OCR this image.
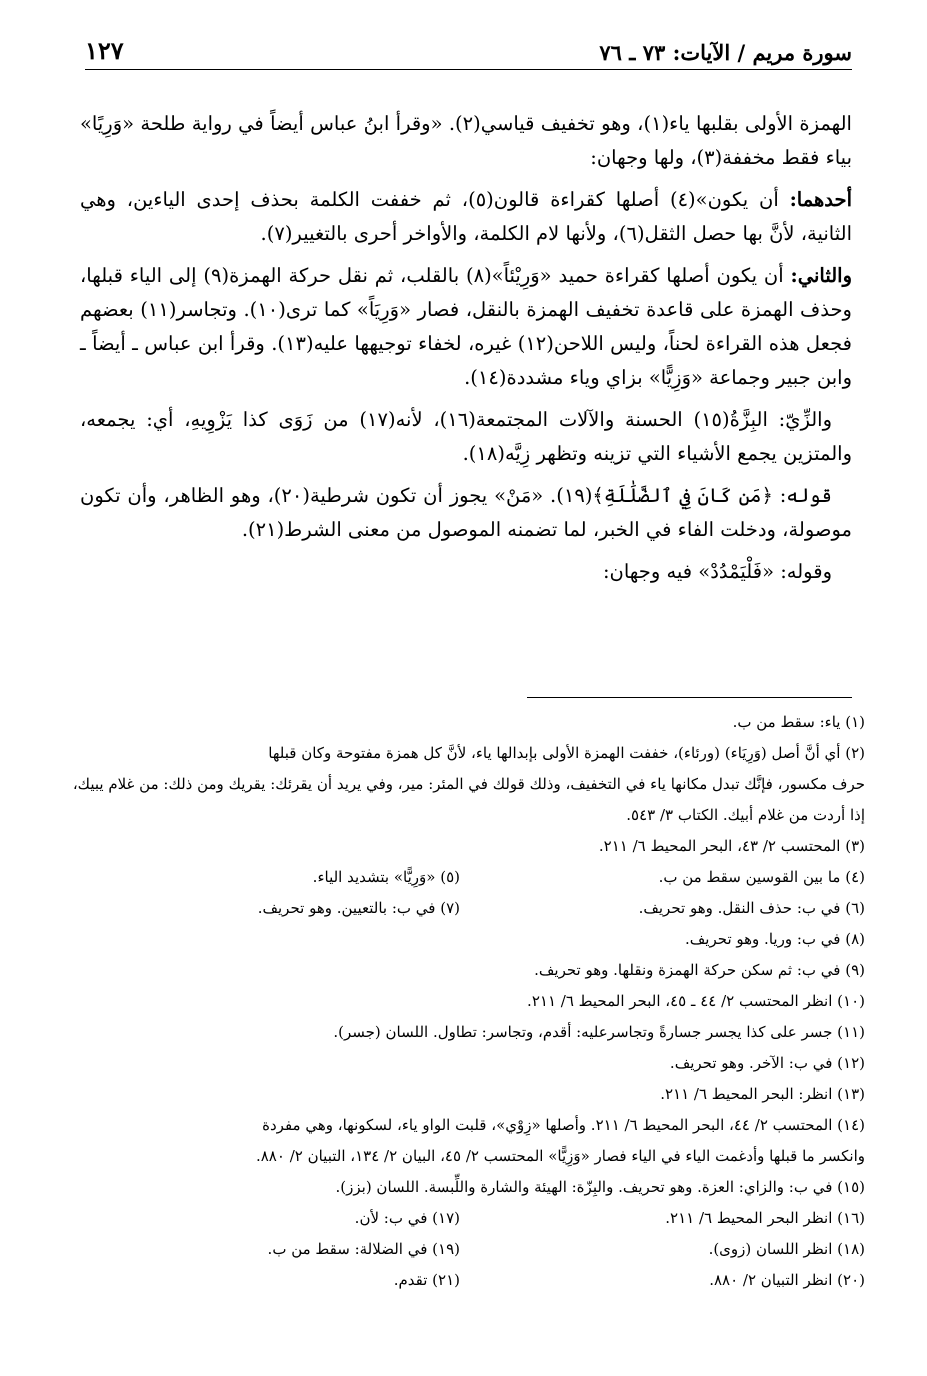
سورة مريم / الآيات: ٧٣ ـ ٧٦
١٢٧

الهمزة الأولى بقلبها ياء(١)، وهو تخفيف قياسي(٢). «وقرأ ابنُ عباس أيضاً في رواية طلحة «وَرِيًا» بياء فقط مخففة(٣)، ولها وجهان:

أحدهما: أن يكون»(٤) أصلها كقراءة قالون(٥)، ثم خففت الكلمة بحذف إحدى الياءين، وهي الثانية، لأنَّ بها حصل الثقل(٦)، ولأنها لام الكلمة، والأواخر أحرى بالتغيير(٧).

والثاني: أن يكون أصلها كقراءة حميد «وَرِيْئاً»(٨) بالقلب، ثم نقل حركة الهمزة(٩) إلى الياء قبلها، وحذف الهمزة على قاعدة تخفيف الهمزة بالنقل، فصار «وَرِيَاً» كما ترى(١٠). وتجاسر(١١) بعضهم فجعل هذه القراءة لحناً، وليس اللاحن(١٢) غيره، لخفاء توجيهها عليه(١٣). وقرأ ابن عباس ـ أيضاً ـ وابن جبير وجماعة «وَزِيًّا» بزاي وياء مشددة(١٤).

والزِّيّ: البِزَّةُ(١٥) الحسنة والآلات المجتمعة(١٦)، لأنه(١٧) من زَوَى كذا يَزْوِيهِ، أي: يجمعه، والمتزين يجمع الأشياء التي تزينه وتظهر زِيَّه(١٨).

قوله: ﴿مَن كَانَ فِي ٱلضَّلَٰلَةِ﴾(١٩). «مَنْ» يجوز أن تكون شرطية(٢٠)، وهو الظاهر، وأن تكون موصولة، ودخلت الفاء في الخبر، لما تضمنه الموصول من معنى الشرط(٢١).

وقوله: «فَلْيَمْدُدْ» فيه وجهان:

(١) ياء: سقط من ب.

(٢) أي أنَّ أصل (وَرِيَاء) (ورئاء)، خففت الهمزة الأولى بإبدالها ياء، لأنَّ كل همزة مفتوحة وكان قبلها

حرف مكسور، فإنَّك تبدل مكانها ياء في التخفيف، وذلك قولك في المئر: مير، وفي يريد أن يقرئك: يقريك ومن ذلك: من غلام يبيك، إذا أردت من غلام أبيك. الكتاب ٣/ ٥٤٣.

(٣) المحتسب ٢/ ٤٣، البحر المحيط ٦/ ٢١١.

(٤) ما بين القوسين سقط من ب.
(٥) «وَرِيًّا» بتشديد الياء.
(٦) في ب: حذف النقل. وهو تحريف.
(٧) في ب: بالتعيين. وهو تحريف.

(٨) في ب: وريا. وهو تحريف.

(٩) في ب: ثم سكن حركة الهمزة ونقلها. وهو تحريف.

(١٠) انظر المحتسب ٢/ ٤٤ ـ ٤٥، البحر المحيط ٦/ ٢١١.

(١١) جسر على كذا يجسر جسارةً وتجاسرعليه: أقدم، وتجاسر: تطاول. اللسان (جسر).

(١٢) في ب: الآخر. وهو تحريف.

(١٣) انظر: البحر المحيط ٦/ ٢١١.

(١٤) المحتسب ٢/ ٤٤، البحر المحيط ٦/ ٢١١. وأصلها «زِوْي»، قلبت الواو ياء، لسكونها، وهي مفردة

وانكسر ما قبلها وأدغمت الياء في الياء فصار «وَزِيًّا» المحتسب ٢/ ٤٥، البيان ٢/ ١٣٤، التبيان ٢/ ٨٨٠.

(١٥) في ب: والزاي: العزة. وهو تحريف. والبِزّة: الهيئة والشارة واللِّبسة. اللسان (بزز).

(١٦) انظر البحر المحيط ٦/ ٢١١.
(١٧) في ب: لأن.
(١٨) انظر اللسان (زوى).
(١٩) في الضلالة: سقط من ب.
(٢٠) انظر التبيان ٢/ ٨٨٠.
(٢١) تقدم.
